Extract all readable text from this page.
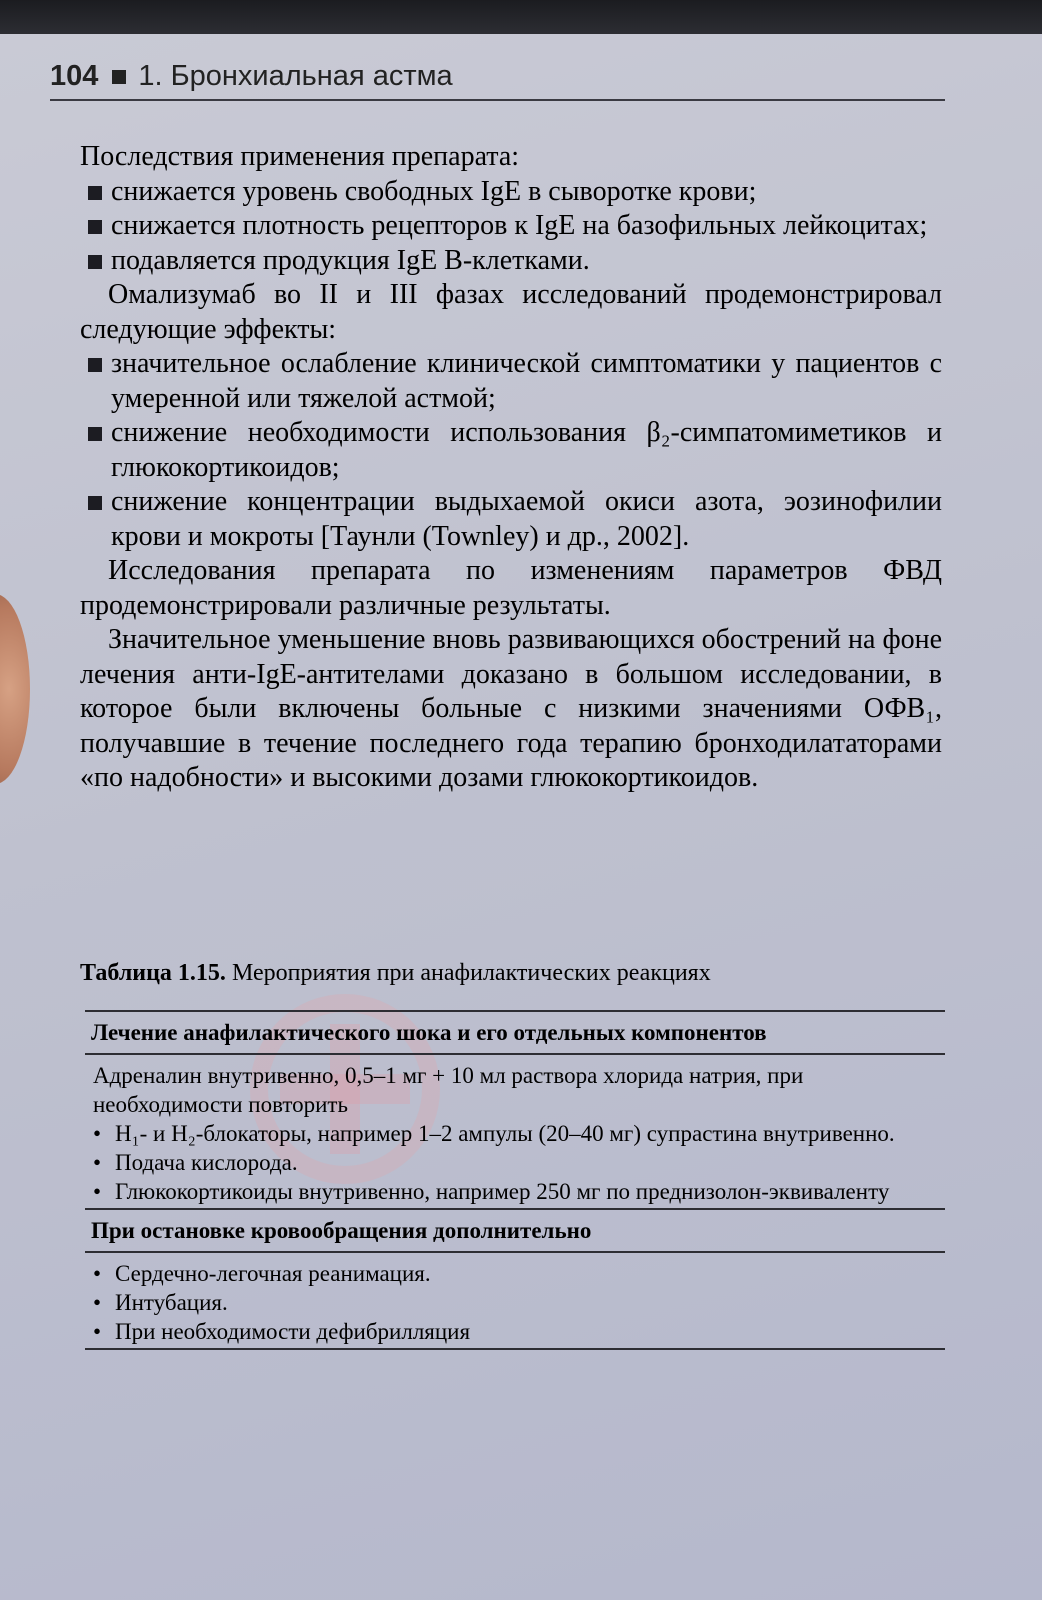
104 1. Бронхиальная астма

Последствия применения препарата:

снижается уровень свободных IgE в сыворотке крови;
снижается плотность рецепторов к IgE на базофильных лейкоцитах;
подавляется продукция IgE B-клетками.

Омализумаб во II и III фазах исследований продемонстрировал следующие эффекты:

значительное ослабление клинической симптоматики у пациентов с умеренной или тяжелой астмой;
снижение необходимости использования β₂-симпатомиметиков и глюкокортикоидов;
снижение концентрации выдыхаемой окиси азота, эозинофилии крови и мокроты [Таунли (Townley) и др., 2002].

Исследования препарата по изменениям параметров ФВД продемонстрировали различные результаты.

Значительное уменьшение вновь развивающихся обострений на фоне лечения анти-IgE-антителами доказано в большом исследовании, в которое были включены больные с низкими значениями ОФВ₁, получавшие в течение последнего года терапию бронходилататорами «по надобности» и высокими дозами глюкокортикоидов.

Таблица 1.15. Мероприятия при анафилактических реакциях
Лечение анафилактического шока и его отдельных компонентов
Адреналин внутривенно, 0,5–1 мг + 10 мл раствора хлорида натрия, при необходимости повторить
• H₁- и H₂-блокаторы, например 1–2 ампулы (20–40 мг) супрастина внутривенно.
• Подача кислорода.
• Глюкокортикоиды внутривенно, например 250 мг по преднизолон-эквиваленту
При остановке кровообращения дополнительно
• Сердечно-легочная реанимация.
• Интубация.
• При необходимости дефибрилляция
